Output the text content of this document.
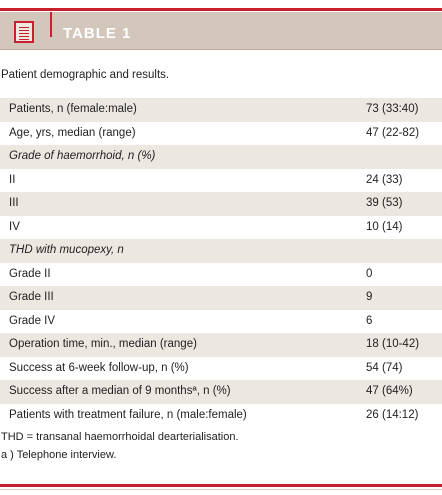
TABLE 1
Patient demographic and results.
Patients, n (female:male)	73 (33:40)
Age, yrs, median (range)	47 (22-82)
Grade of haemorrhoid, n (%)
II	24 (33)
III	39 (53)
IV	10 (14)
THD with mucopexy, n
Grade II	0
Grade III	9
Grade IV	6
Operation time, min., median (range)	18 (10-42)
Success at 6-week follow-up, n (%)	54 (74)
Success after a median of 9 monthsª, n (%)	47 (64%)
Patients with treatment failure, n (male:female)	26 (14:12)
THD = transanal haemorrhoidal dearterialisation.
a ) Telephone interview.
